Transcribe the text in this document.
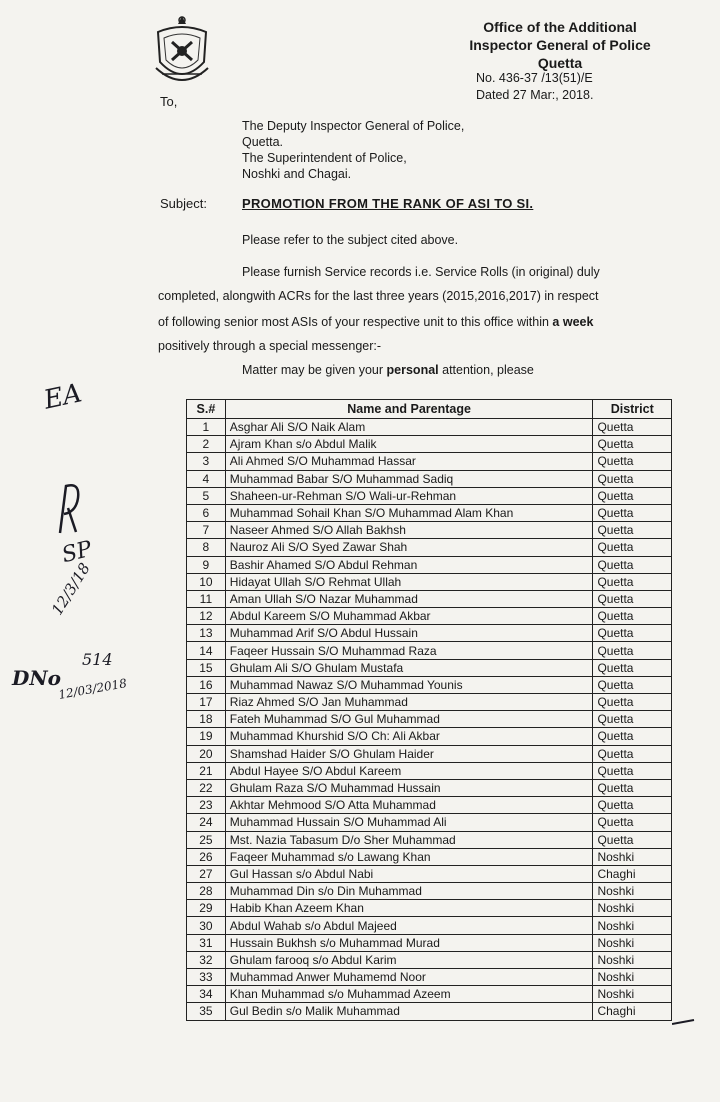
Office of the Additional
Inspector General of Police
Quetta
No. 436-37 /13(51)/E
Dated 27 Mar:, 2018.
To,
The Deputy Inspector General of Police,
Quetta.
The Superintendent of Police,
Noshki and Chagai.
Subject:	PROMOTION FROM THE RANK OF ASI TO SI.
Please refer to the subject cited above.
Please furnish Service records i.e. Service Rolls (in original) duly
completed, alongwith ACRs for the last three years (2015,2016,2017) in respect
of following senior most ASIs of your respective unit to this office within a week
positively through a special messenger:-
Matter may be given your personal attention, please
EA
SP
12/3/18
DNo
514
12/03/2018
S.#	Name and Parentage	District
1	Asghar Ali S/O Naik Alam	Quetta
2	Ajram Khan s/o Abdul Malik	Quetta
3	Ali Ahmed S/O Muhammad Hassar	Quetta
4	Muhammad Babar S/O Muhammad Sadiq	Quetta
5	Shaheen-ur-Rehman S/O Wali-ur-Rehman	Quetta
6	Muhammad Sohail Khan S/O Muhammad Alam Khan	Quetta
7	Naseer Ahmed S/O Allah Bakhsh	Quetta
8	Nauroz Ali S/O Syed Zawar Shah	Quetta
9	Bashir Ahamed S/O Abdul Rehman	Quetta
10	Hidayat Ullah S/O Rehmat Ullah	Quetta
11	Aman Ullah S/O Nazar Muhammad	Quetta
12	Abdul Kareem S/O Muhammad Akbar	Quetta
13	Muhammad Arif S/O Abdul Hussain	Quetta
14	Faqeer Hussain S/O Muhammad Raza	Quetta
15	Ghulam Ali S/O Ghulam Mustafa	Quetta
16	Muhammad Nawaz S/O Muhammad Younis	Quetta
17	Riaz Ahmed S/O Jan Muhammad	Quetta
18	Fateh Muhammad S/O Gul Muhammad	Quetta
19	Muhammad Khurshid S/O Ch: Ali Akbar	Quetta
20	Shamshad Haider S/O Ghulam Haider	Quetta
21	Abdul Hayee S/O Abdul Kareem	Quetta
22	Ghulam Raza S/O Muhammad Hussain	Quetta
23	Akhtar Mehmood S/O Atta Muhammad	Quetta
24	Muhammad Hussain S/O Muhammad Ali	Quetta
25	Mst. Nazia Tabasum D/o Sher Muhammad	Quetta
26	Faqeer Muhammad s/o Lawang Khan	Noshki
27	Gul Hassan s/o Abdul Nabi	Chaghi
28	Muhammad Din s/o Din Muhammad	Noshki
29	Habib Khan Azeem Khan	Noshki
30	Abdul Wahab s/o Abdul Majeed	Noshki
31	Hussain Bukhsh s/o Muhammad Murad	Noshki
32	Ghulam farooq s/o Abdul Karim	Noshki
33	Muhammad Anwer Muhamemd Noor	Noshki
34	Khan Muhammad s/o Muhammad Azeem	Noshki
35	Gul Bedin s/o Malik Muhammad	Chaghi
